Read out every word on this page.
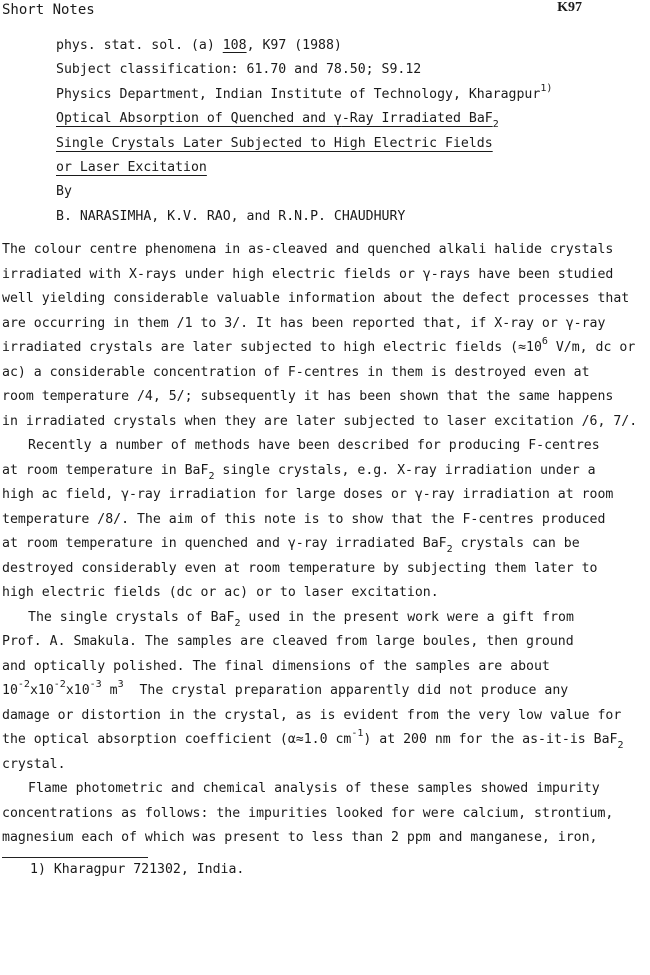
Short Notes	K97
phys. stat. sol. (a) 108, K97 (1988)
Subject classification: 61.70 and 78.50; S9.12
Physics Department, Indian Institute of Technology, Kharagpur$^{1)}$
Optical Absorption of Quenched and γ-Ray Irradiated BaF$_2$
Single Crystals Later Subjected to High Electric Fields
or Laser Excitation
By
B. NARASIMHA, K.V. RAO, and R.N.P. CHAUDHURY
The colour centre phenomena in as-cleaved and quenched alkali halide crystals
irradiated with X-rays under high electric fields or γ-rays have been studied
well yielding considerable valuable information about the defect processes that
are occurring in them /1 to 3/. It has been reported that, if X-ray or γ-ray
irradiated crystals are later subjected to high electric fields ($\approx 10^6$ V/m, dc or
ac) a considerable concentration of F-centres in them is destroyed even at
room temperature /4, 5/; subsequently it has been shown that the same happens
in irradiated crystals when they are later subjected to laser excitation /6, 7/.
Recently a number of methods have been described for producing F-centres
at room temperature in BaF$_2$ single crystals, e.g. X-ray irradiation under a
high ac field, γ-ray irradiation for large doses or γ-ray irradiation at room
temperature /8/. The aim of this note is to show that the F-centres produced
at room temperature in quenched and γ-ray irradiated BaF$_2$ crystals can be
destroyed considerably even at room temperature by subjecting them later to
high electric fields (dc or ac) or to laser excitation.
The single crystals of BaF$_2$ used in the present work were a gift from
Prof. A. Smakula. The samples are cleaved from large boules, then ground
and optically polished. The final dimensions of the samples are about
$10^{-2}x10^{-2}x10^{-3}$ $m^3$  The crystal preparation apparently did not produce any
damage or distortion in the crystal, as is evident from the very low value for
the optical absorption coefficient (α≈1.0 $cm^{-1}$) at 200 nm for the as-it-is BaF$_2$
crystal.
Flame photometric and chemical analysis of these samples showed impurity
concentrations as follows: the impurities looked for were calcium, strontium,
magnesium each of which was present to less than 2 ppm and manganese, iron,
1) Kharagpur 721302, India.
